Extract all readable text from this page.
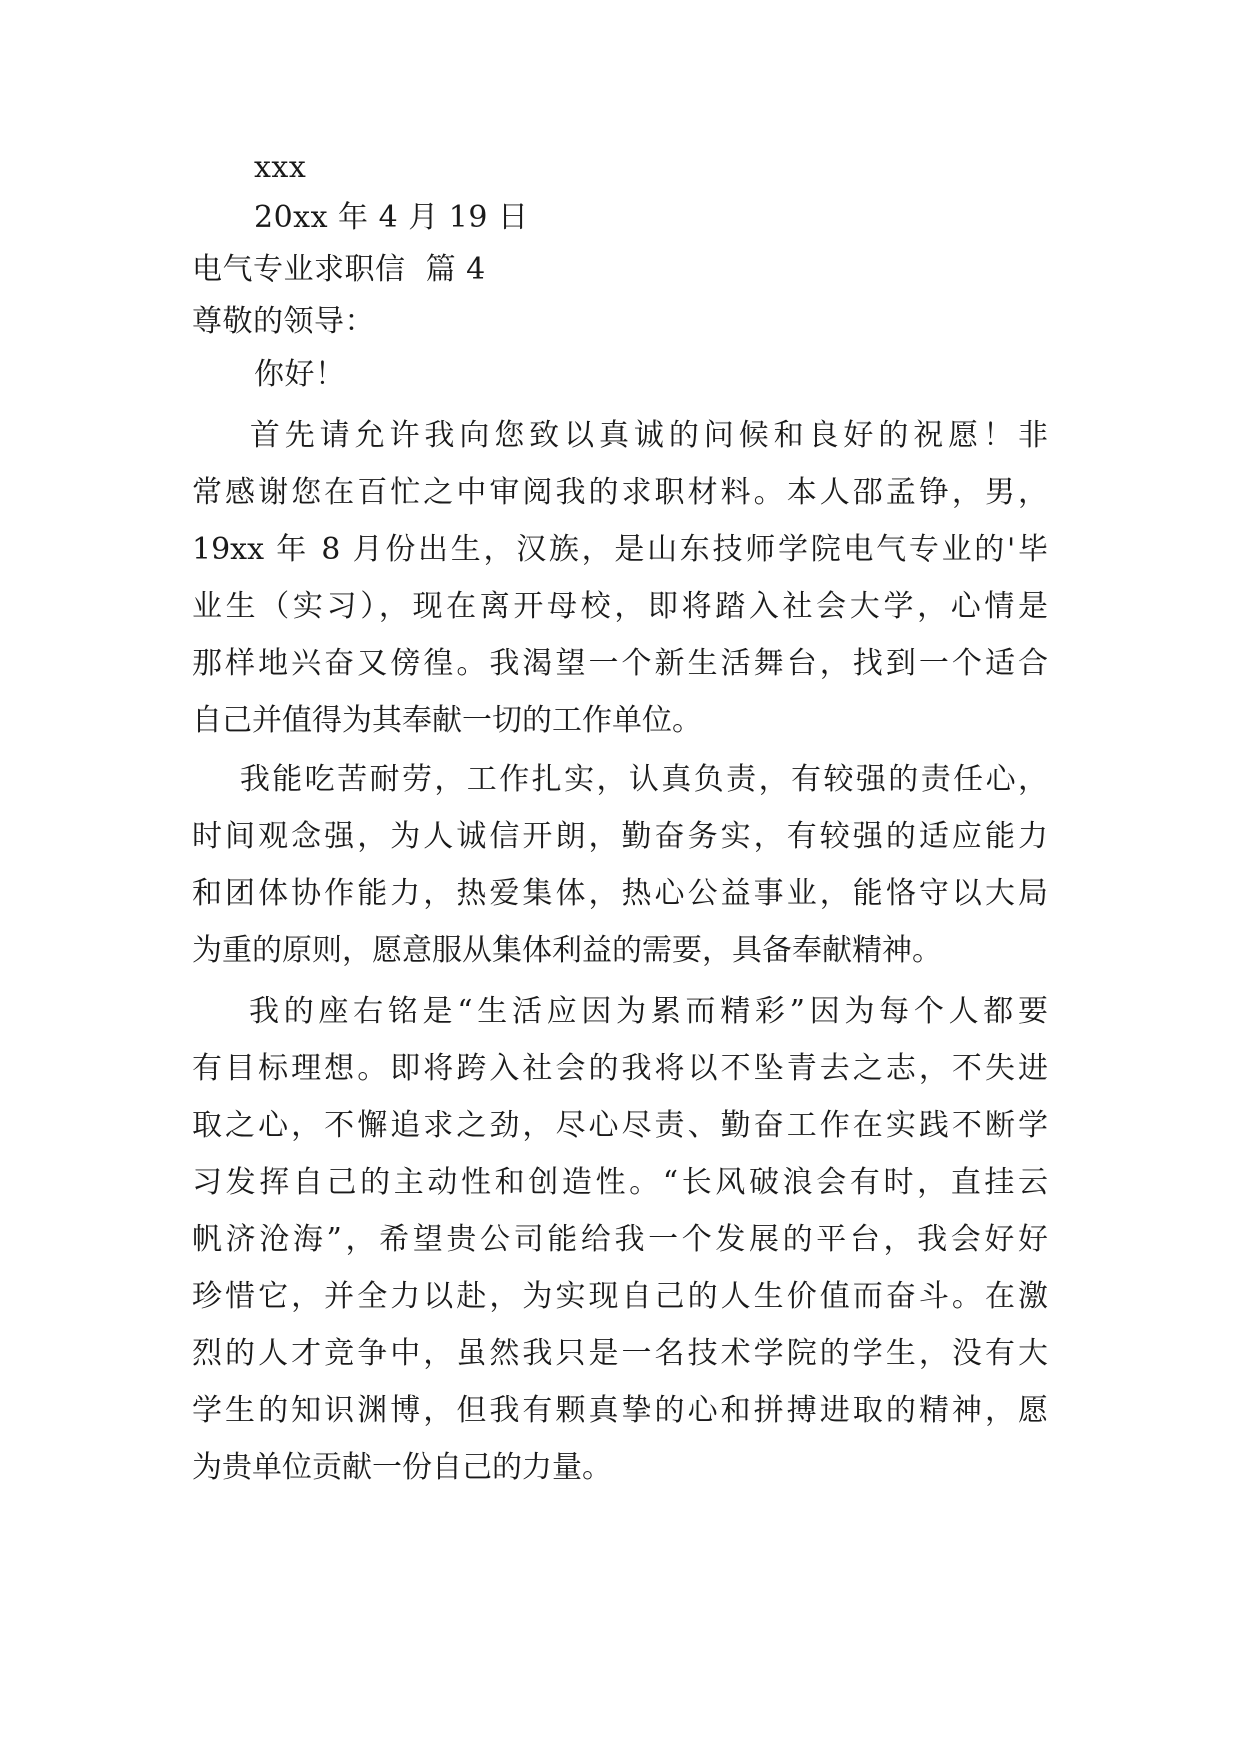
xxx
20xx 年 4 月 19 日
电气专业求职信  篇 4
尊敬的领导：
你好！
首先请允许我向您致以真诚的问候和良好的祝愿！非
常感谢您在百忙之中审阅我的求职材料。本人邵孟铮，男，
19xx 年 8 月份出生，汉族，是山东技师学院电气专业的'毕
业生（实习），现在离开母校，即将踏入社会大学，心情是
那样地兴奋又傍徨。我渴望一个新生活舞台，找到一个适合
自己并值得为其奉献一切的工作单位。
我能吃苦耐劳，工作扎实，认真负责，有较强的责任心，
时间观念强，为人诚信开朗，勤奋务实，有较强的适应能力
和团体协作能力，热爱集体，热心公益事业，能恪守以大局
为重的原则，愿意服从集体利益的需要，具备奉献精神。
我的座右铭是“生活应因为累而精彩”因为每个人都要
有目标理想。即将跨入社会的我将以不坠青去之志，不失进
取之心，不懈追求之劲，尽心尽责、勤奋工作在实践不断学
习发挥自己的主动性和创造性。“长风破浪会有时，直挂云
帆济沧海”，希望贵公司能给我一个发展的平台，我会好好
珍惜它，并全力以赴，为实现自己的人生价值而奋斗。在激
烈的人才竞争中，虽然我只是一名技术学院的学生，没有大
学生的知识渊博，但我有颗真挚的心和拼搏进取的精神，愿
为贵单位贡献一份自己的力量。
